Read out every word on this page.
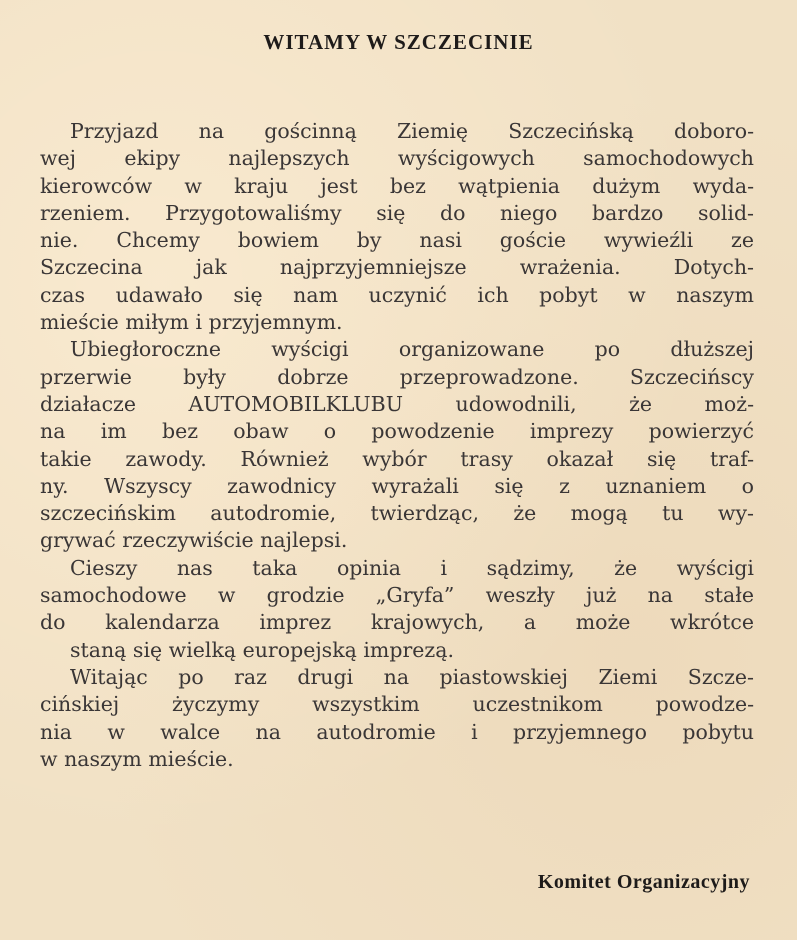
WITAMY W SZCZECINIE
Przyjazd na gościnną Ziemię Szczecińską doboro-
wej ekipy najlepszych wyścigowych samochodowych
kierowców w kraju jest bez wątpienia dużym wyda-
rzeniem. Przygotowaliśmy się do niego bardzo solid-
nie. Chcemy bowiem by nasi goście wywieźli ze
Szczecina jak najprzyjemniejsze wrażenia. Dotych-
czas udawało się nam uczynić ich pobyt w naszym
mieście miłym i przyjemnym.
Ubiegłoroczne wyścigi organizowane po dłuższej
przerwie były dobrze przeprowadzone. Szczecińscy
działacze AUTOMOBILKLUBU udowodnili, że moż-
na im bez obaw o powodzenie imprezy powierzyć
takie zawody. Również wybór trasy okazał się traf-
ny. Wszyscy zawodnicy wyrażali się z uznaniem o
szczecińskim autodromie, twierdząc, że mogą tu wy-
grywać rzeczywiście najlepsi.
Cieszy nas taka opinia i sądzimy, że wyścigi
samochodowe w grodzie „Gryfa” weszły już na stałe
do kalendarza imprez krajowych, a może wkrótce
staną się wielką europejską imprezą.
Witając po raz drugi na piastowskiej Ziemi Szcze-
cińskiej życzymy wszystkim uczestnikom powodze-
nia w walce na autodromie i przyjemnego pobytu
w naszym mieście.

Komitet Organizacyjny
